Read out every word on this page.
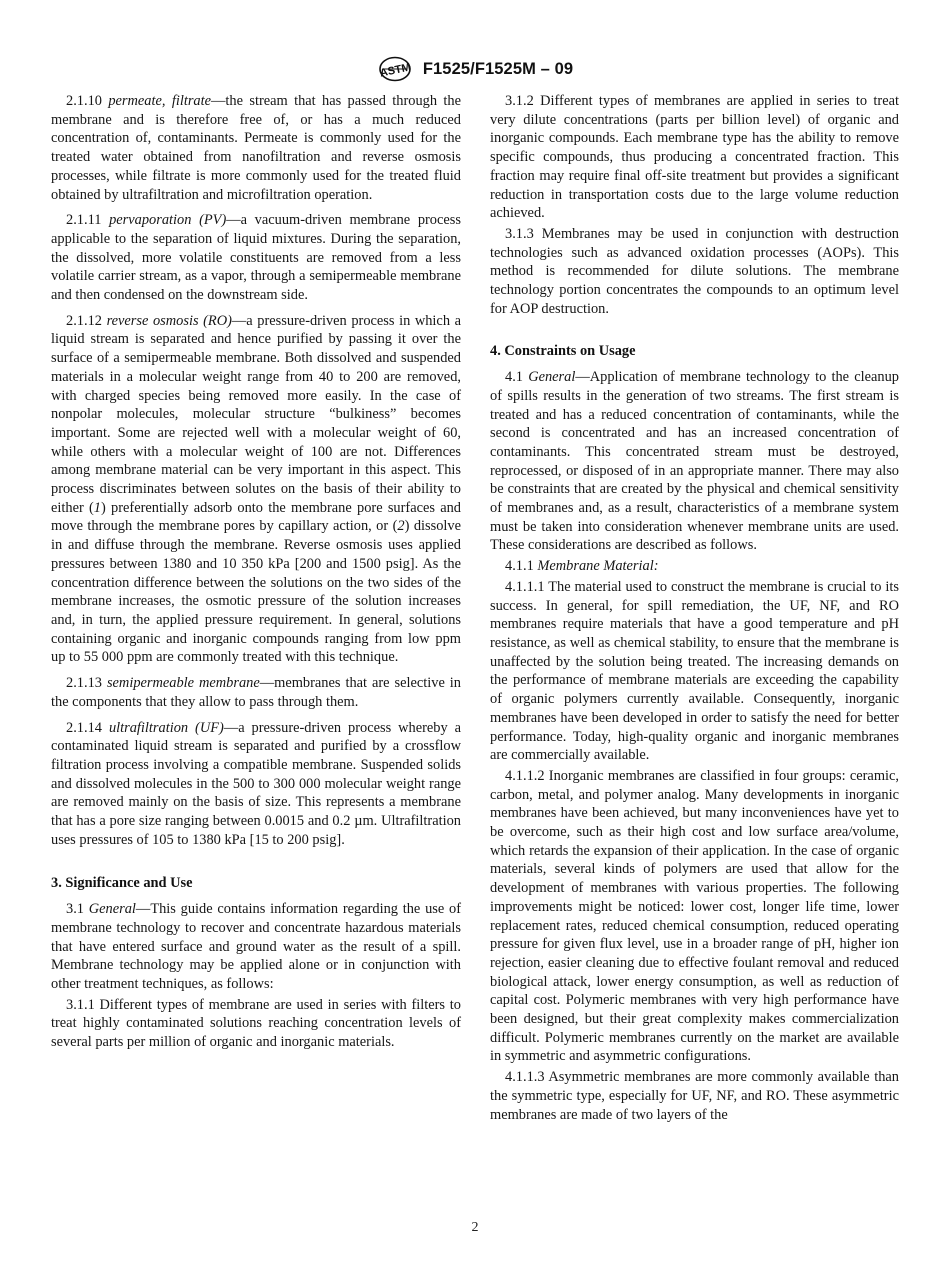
ASTM F1525/F1525M – 09

2.1.10 permeate, filtrate—the stream that has passed through the membrane and is therefore free of, or has a much reduced concentration of, contaminants. Permeate is commonly used for the treated water obtained from nanofiltration and reverse osmosis processes, while filtrate is more commonly used for the treated fluid obtained by ultrafiltration and microfiltration operation.

2.1.11 pervaporation (PV)—a vacuum-driven membrane process applicable to the separation of liquid mixtures. During the separation, the dissolved, more volatile constituents are removed from a less volatile carrier stream, as a vapor, through a semipermeable membrane and then condensed on the downstream side.

2.1.12 reverse osmosis (RO)—a pressure-driven process in which a liquid stream is separated and hence purified by passing it over the surface of a semipermeable membrane. Both dissolved and suspended materials in a molecular weight range from 40 to 200 are removed, with charged species being removed more easily. In the case of nonpolar molecules, molecular structure “bulkiness” becomes important. Some are rejected well with a molecular weight of 60, while others with a molecular weight of 100 are not. Differences among membrane material can be very important in this aspect. This process discriminates between solutes on the basis of their ability to either (1) preferentially adsorb onto the membrane pore surfaces and move through the membrane pores by capillary action, or (2) dissolve in and diffuse through the membrane. Reverse osmosis uses applied pressures between 1380 and 10 350 kPa [200 and 1500 psig]. As the concentration difference between the solutions on the two sides of the membrane increases, the osmotic pressure of the solution increases and, in turn, the applied pressure requirement. In general, solutions containing organic and inorganic compounds ranging from low ppm up to 55 000 ppm are commonly treated with this technique.

2.1.13 semipermeable membrane—membranes that are selective in the components that they allow to pass through them.

2.1.14 ultrafiltration (UF)—a pressure-driven process whereby a contaminated liquid stream is separated and purified by a crossflow filtration process involving a compatible membrane. Suspended solids and dissolved molecules in the 500 to 300 000 molecular weight range are removed mainly on the basis of size. This represents a membrane that has a pore size ranging between 0.0015 and 0.2 µm. Ultrafiltration uses pressures of 105 to 1380 kPa [15 to 200 psig].

3. Significance and Use

3.1 General—This guide contains information regarding the use of membrane technology to recover and concentrate hazardous materials that have entered surface and ground water as the result of a spill. Membrane technology may be applied alone or in conjunction with other treatment techniques, as follows:

3.1.1 Different types of membrane are used in series with filters to treat highly contaminated solutions reaching concentration levels of several parts per million of organic and inorganic materials.

3.1.2 Different types of membranes are applied in series to treat very dilute concentrations (parts per billion level) of organic and inorganic compounds. Each membrane type has the ability to remove specific compounds, thus producing a concentrated fraction. This fraction may require final off-site treatment but provides a significant reduction in transportation costs due to the large volume reduction achieved.

3.1.3 Membranes may be used in conjunction with destruction technologies such as advanced oxidation processes (AOPs). This method is recommended for dilute solutions. The membrane technology portion concentrates the compounds to an optimum level for AOP destruction.

4. Constraints on Usage

4.1 General—Application of membrane technology to the cleanup of spills results in the generation of two streams. The first stream is treated and has a reduced concentration of contaminants, while the second is concentrated and has an increased concentration of contaminants. This concentrated stream must be destroyed, reprocessed, or disposed of in an appropriate manner. There may also be constraints that are created by the physical and chemical sensitivity of membranes and, as a result, characteristics of a membrane system must be taken into consideration whenever membrane units are used. These considerations are described as follows.

4.1.1 Membrane Material:

4.1.1.1 The material used to construct the membrane is crucial to its success. In general, for spill remediation, the UF, NF, and RO membranes require materials that have a good temperature and pH resistance, as well as chemical stability, to ensure that the membrane is unaffected by the solution being treated. The increasing demands on the performance of membrane materials are exceeding the capability of organic polymers currently available. Consequently, inorganic membranes have been developed in order to satisfy the need for better performance. Today, high-quality organic and inorganic membranes are commercially available.

4.1.1.2 Inorganic membranes are classified in four groups: ceramic, carbon, metal, and polymer analog. Many developments in inorganic membranes have been achieved, but many inconveniences have yet to be overcome, such as their high cost and low surface area/volume, which retards the expansion of their application. In the case of organic materials, several kinds of polymers are used that allow for the development of membranes with various properties. The following improvements might be noticed: lower cost, longer life time, lower replacement rates, reduced chemical consumption, reduced operating pressure for given flux level, use in a broader range of pH, higher ion rejection, easier cleaning due to effective foulant removal and reduced biological attack, lower energy consumption, as well as reduction of capital cost. Polymeric membranes with very high performance have been designed, but their great complexity makes commercialization difficult. Polymeric membranes currently on the market are available in symmetric and asymmetric configurations.

4.1.1.3 Asymmetric membranes are more commonly available than the symmetric type, especially for UF, NF, and RO. These asymmetric membranes are made of two layers of the

2
